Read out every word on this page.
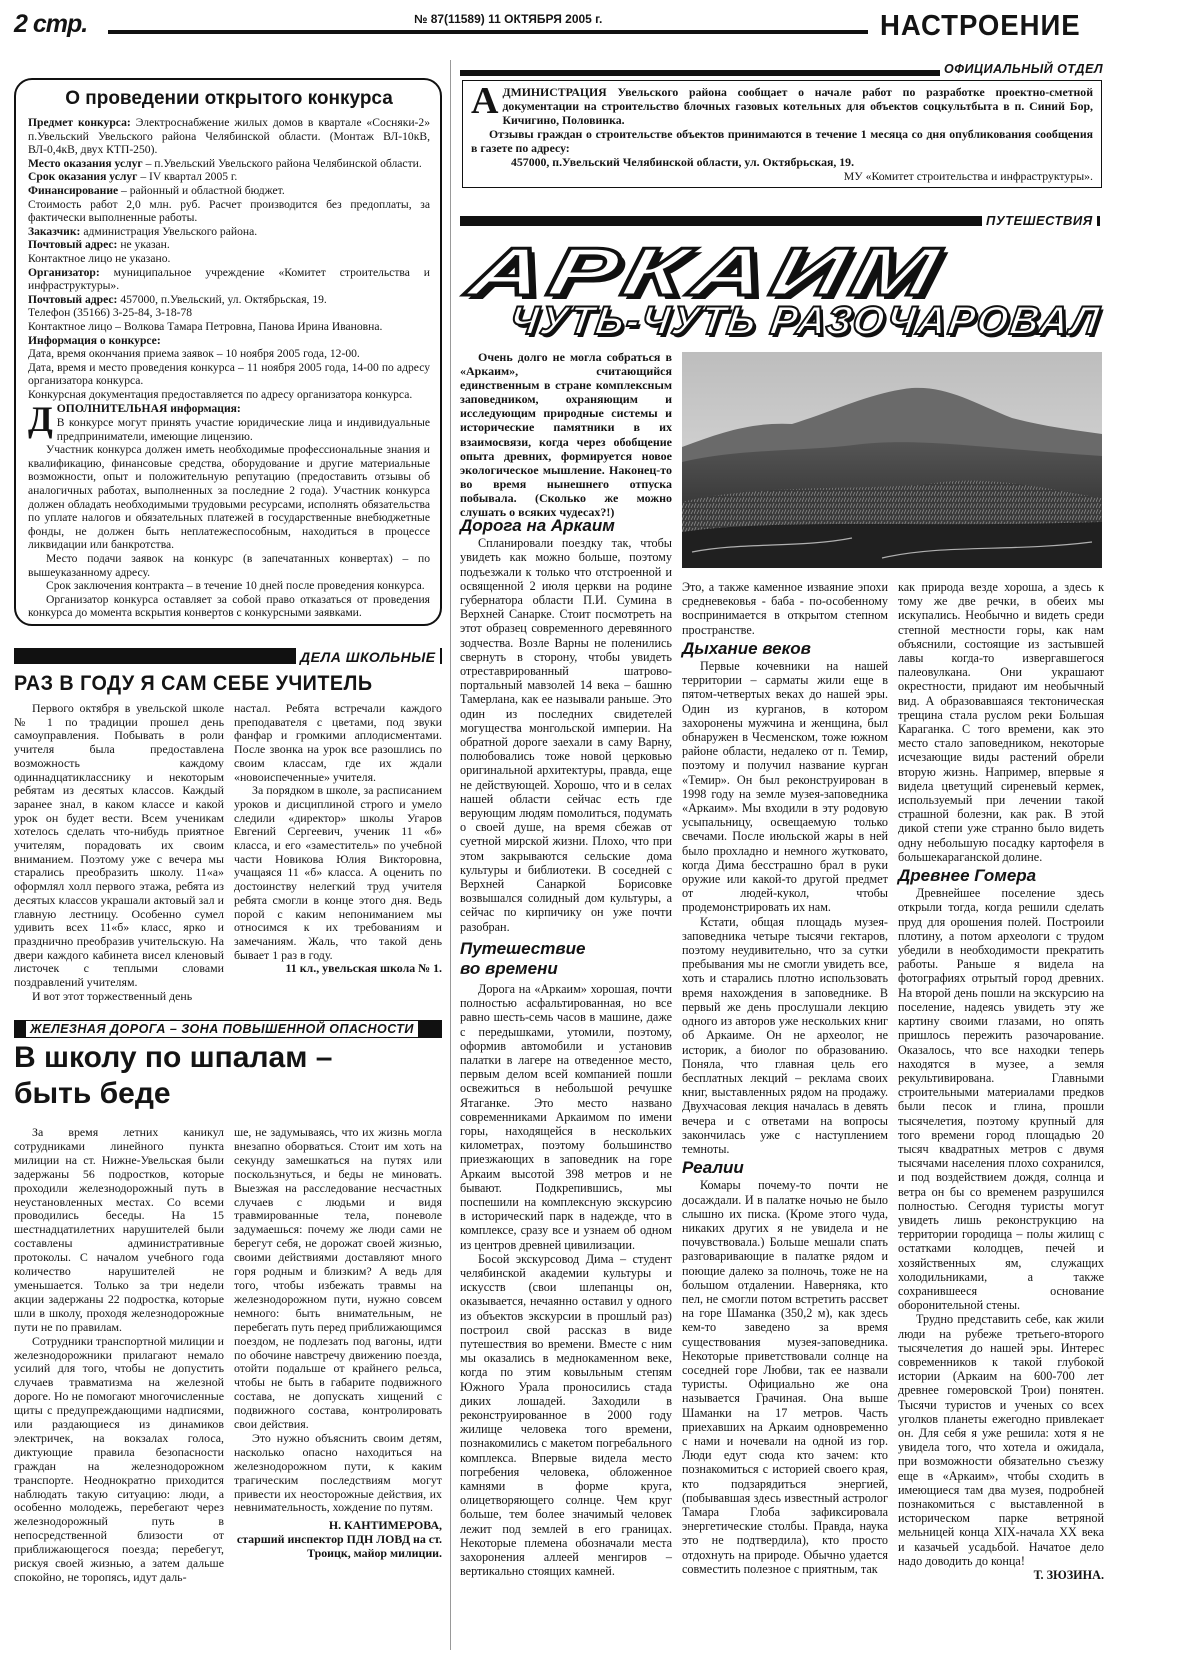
2 стр.	№ 87(11589) 11 ОКТЯБРЯ 2005 г.	НАСТРОЕНИЕ
О проведении открытого конкурса
Предмет конкурса: Электроснабжение жилых домов в квартале «Сосняки-2» п.Увельский Увельского района Челябинской области. (Монтаж ВЛ-10кВ, ВЛ-0,4кВ, двух КТП-250).
Место оказания услуг – п.Увельский Увельского района Челябинской области.
Срок оказания услуг – IV квартал 2005 г.
Финансирование – районный и областной бюджет.
Стоимость работ 2,0 млн. руб. Расчет производится без предоплаты, за фактически выполненные работы.
Заказчик: администрация Увельского района.
Почтовый адрес: не указан.
Контактное лицо не указано.
Организатор: муниципальное учреждение «Комитет строительства и инфраструктуры».
Почтовый адрес: 457000, п.Увельский, ул. Октябрьская, 19.
Телефон (35166) 3-25-84, 3-18-78
Контактное лицо – Волкова Тамара Петровна, Панова Ирина Ивановна.
Информация о конкурсе:
Дата, время окончания приема заявок – 10 ноября 2005 года, 12-00.
Дата, время и место проведения конкурса – 11 ноября 2005 года, 14-00 по адресу организатора конкурса.
Конкурсная документация предоставляется по адресу организатора конкурса.
Д ОПОЛНИТЕЛЬНАЯ информация:
В конкурсе могут принять участие юридические лица и индивидуальные предприниматели, имеющие лицензию.

Участник конкурса должен иметь необходимые профессиональные знания и квалификацию, финансовые средства, оборудование и другие материальные возможности, опыт и положительную репутацию (предоставить отзывы об аналогичных работах, выполненных за последние 2 года). Участник конкурса должен обладать необходимыми трудовыми ресурсами, исполнять обязательства по уплате налогов и обязательных платежей в государственные внебюджетные фонды, не должен быть неплатежеспособным, находиться в процессе ликвидации или банкротства.

Место подачи заявок на конкурс (в запечатанных конвертах) – по вышеуказанному адресу.

Срок заключения контракта – в течение 10 дней после проведения конкурса.

Организатор конкурса оставляет за собой право отказаться от проведения конкурса до момента вскрытия конвертов с конкурсными заявками.

ОФИЦИАЛЬНЫЙ ОТДЕЛ
А ДМИНИСТРАЦИЯ Увельского района сообщает о начале работ по разработке проектно-сметной документации на строительство блочных газовых котельных для объектов соцкультбыта в п. Синий Бор, Кичигино, Половинка.

Отзывы граждан о строительстве объектов принимаются в течение 1 месяца со дня опубликования сообщения в газете по адресу:

457000, п.Увельский Челябинской области, ул. Октябрьская, 19.

МУ «Комитет строительства и инфраструктуры».
ПУТЕШЕСТВИЯ
АРКАИМ
ЧУТЬ-ЧУТЬ РАЗОЧАРОВАЛ
Очень долго не могла собраться в «Аркаим», считающийся единственным в стране комплексным заповедником, охраняющим и исследующим природные системы и исторические памятники в их взаимосвязи, когда через обобщение опыта древних, формируется новое экологическое мышление. Наконец-то во время нынешнего отпуска побывала. (Сколько же можно слушать о всяких чудесах?!)
Дорога на Аркаим

Спланировали поездку так, чтобы увидеть как можно больше, поэтому подъезжали к только что отстроенной и освященной 2 июля церкви на родине губернатора области П.И. Сумина в Верхней Санарке. Стоит посмотреть на этот образец современного деревянного зодчества. Возле Варны не поленились свернуть в сторону, чтобы увидеть отреставрированный шатрово-портальный мавзолей 14 века – башню Тамерлана, как ее называли раньше. Это один из последних свидетелей могущества монгольской империи. На обратной дороге заехали в саму Варну, полюбовались тоже новой церковью оригинальной архитектуры, правда, еще не действующей. Хорошо, что и в селах нашей области сейчас есть где верующим людям помолиться, подумать о своей душе, на время сбежав от суетной мирской жизни. Плохо, что при этом закрываются сельские дома культуры и библиотеки. В соседней с Верхней Санаркой Борисовке возвышался солидный дом культуры, а сейчас по кирпичику он уже почти разобран.

Путешествие во времени

Дорога на «Аркаим» хорошая, почти полностью асфальтированная, но все равно шесть-семь часов в машине, даже с передышками, утомили, поэтому, оформив автомобили и установив палатки в лагере на отведенное место, первым делом всей компанией пошли освежиться в небольшой речушке Ятаганке. Это место названо современниками Аркаимом по имени горы, находящейся в нескольких километрах, поэтому большинство приезжающих в заповедник на горе Аркаим высотой 398 метров и не бывают. Подкрепившись, мы поспешили на комплексную экскурсию в исторический парк в надежде, что в комплексе, сразу все и узнаем об одном из центров древней цивилизации.

Босой экскурсовод Дима – студент челябинской академии культуры и искусств (свои шлепанцы он, оказывается, нечаянно оставил у одного из объектов экскурсии в прошлый раз) построил свой рассказ в виде путешествия во времени. Вместе с ним мы оказались в меднокаменном веке, когда по этим ковыльным степям Южного Урала проносились стада диких лошадей. Заходили в реконструированное в 2000 году жилище человека того времени, познакомились с макетом погребального комплекса. Впервые видела место погребения человека, обложенное камнями в форме круга, олицетворяющего солнце. Чем круг больше, тем более значимый человек лежит под землей в его границах. Некоторые племена обозначали места захоронения аллеей менгиров – вертикально стоящих камней.

Это, а также каменное изваяние эпохи средневековья - баба - по-особенному воспринимается в открытом степном пространстве.

Дыхание веков

Первые кочевники на нашей территории – сарматы жили еще в пятом-четвертых веках до нашей эры. Один из курганов, в котором захоронены мужчина и женщина, был обнаружен в Чесменском, тоже южном районе области, недалеко от п. Темир, поэтому и получил название курган «Темир». Он был реконструирован в 1998 году на земле музея-заповедника «Аркаим». Мы входили в эту родовую усыпальницу, освещаемую только свечами. После июльской жары в ней было прохладно и немного жутковато, когда Дима бесстрашно брал в руки оружие или какой-то другой предмет от людей-кукол, чтобы продемонстрировать их нам.

Кстати, общая площадь музея-заповедника четыре тысячи гектаров, поэтому неудивительно, что за сутки пребывания мы не смогли увидеть все, хоть и старались плотно использовать время нахождения в заповеднике. В первый же день прослушали лекцию одного из авторов уже нескольких книг об Аркаиме. Он не археолог, не историк, а биолог по образованию. Поняла, что главная цель его бесплатных лекций – реклама своих книг, выставленных рядом на продажу. Двухчасовая лекция началась в девять вечера и с ответами на вопросы закончилась уже с наступлением темноты.

Реалии

Комары почему-то почти не досаждали. И в палатке ночью не было слышно их писка. (Кроме этого чуда, никаких других я не увидела и не почувствовала.) Больше мешали спать разговаривающие в палатке рядом и поющие далеко за полночь, тоже не на большом отдалении. Наверняка, кто пел, не смогли потом встретить рассвет на горе Шаманка (350,2 м), как здесь кем-то заведено за время существования музея-заповедника. Некоторые приветствовали солнце на соседней горе Любви, так ее назвали туристы. Официально же она называется Грачиная. Она выше Шаманки на 17 метров. Часть приехавших на Аркаим одновременно с нами и ночевали на одной из гор. Люди едут сюда кто зачем: кто познакомиться с историей своего края, кто подзарядиться энергией, (побывавшая здесь известный астролог Тамара Глоба зафиксировала энергетические столбы. Правда, наука это не подтвердила), кто просто отдохнуть на природе. Обычно удается совместить полезное с приятным, так

как природа везде хороша, а здесь к тому же две речки, в обеих мы искупались. Необычно и видеть среди степной местности горы, как нам объяснили, состоящие из застывшей лавы когда-то извергавшегося палеовулкана. Они украшают окрестности, придают им необычный вид. А образовавшаяся тектоническая трещина стала руслом реки Большая Караганка. С того времени, как это место стало заповедником, некоторые исчезающие виды растений обрели вторую жизнь. Например, впервые я видела цветущий сиреневый кермек, используемый при лечении такой страшной болезни, как рак. В этой дикой степи уже странно было видеть одну небольшую посадку картофеля в большекараганской долине.

Древнее Гомера

Древнейшее поселение здесь открыли тогда, когда решили сделать пруд для орошения полей. Построили плотину, а потом археологи с трудом убедили в необходимости прекратить работы. Раньше я видела на фотографиях отрытый город древних. На второй день пошли на экскурсию на поселение, надеясь увидеть эту же картину своими глазами, но опять пришлось пережить разочарование. Оказалось, что все находки теперь находятся в музее, а земля рекультивирована. Главными строительными материалами предков были песок и глина, прошли тысячелетия, поэтому крупный для того времени город площадью 20 тысяч квадратных метров с двумя тысячами населения плохо сохранился, и под воздействием дождя, солнца и ветра он бы со временем разрушился полностью. Сегодня туристы могут увидеть лишь реконструкцию на территории городища – полы жилищ с остатками колодцев, печей и хозяйственных ям, служащих холодильниками, а также сохранившееся основание оборонительной стены.

Трудно представить себе, как жили люди на рубеже третьего-второго тысячелетия до нашей эры. Интерес современников к такой глубокой истории (Аркаим на 600-700 лет древнее гомеровской Трои) понятен. Тысячи туристов и ученых со всех уголков планеты ежегодно привлекает он. Для себя я уже решила: хотя я не увидела того, что хотела и ожидала, при возможности обязательно съезжу еще в «Аркаим», чтобы сходить в имеющиеся там два музея, подробней познакомиться с выставленной в историческом парке ветряной мельницей конца XIX-начала XX века и казачьей усадьбой. Начатое дело надо доводить до конца!

Т. ЗЮЗИНА.
ДЕЛА ШКОЛЬНЫЕ
РАЗ В ГОДУ Я САМ СЕБЕ УЧИТЕЛЬ

Первого октября в увельской школе № 1 по традиции прошел день самоуправления. Побывать в роли учителя была предоставлена возможность каждому одиннадцатикласснику и некоторым ребятам из десятых классов. Каждый заранее знал, в каком классе и какой урок он будет вести. Всем ученикам хотелось сделать что-нибудь приятное учителям, порадовать их своим вниманием. Поэтому уже с вечера мы старались преобразить школу. 11«а» оформлял холл первого этажа, ребята из десятых классов украшали актовый зал и главную лестницу. Особенно сумел удивить всех 11«б» класс, ярко и празднично преобразив учительскую. На двери каждого кабинета висел кленовый листочек с теплыми словами поздравлений учителям.

И вот этот торжественный день

настал. Ребята встречали каждого преподавателя с цветами, под звуки фанфар и громкими аплодисментами. После звонка на урок все разошлись по своим классам, где их ждали «новоиспеченные» учителя.

За порядком в школе, за расписанием уроков и дисциплиной строго и умело следили «директор» школы Угаров Евгений Сергеевич, ученик 11 «б» класса, и его «заместитель» по учебной части Новикова Юлия Викторовна, учащаяся 11 «б» класса. А оценить по достоинству нелегкий труд учителя ребята смогли в конце этого дня. Ведь порой с каким непониманием мы относимся к их требованиям и замечаниям. Жаль, что такой день бывает 1 раз в году.

11 кл., увельская школа № 1.
ЖЕЛЕЗНАЯ ДОРОГА – ЗОНА ПОВЫШЕННОЙ ОПАСНОСТИ
В школу по шпалам –
быть беде

За время летних каникул сотрудниками линейного пункта милиции на ст. Нижне-Увельская были задержаны 56 подростков, которые проходили железнодорожный путь в неустановленных местах. Со всеми проводились беседы. На 15 шестнадцатилетних нарушителей были составлены административные протоколы. С началом учебного года количество нарушителей не уменьшается. Только за три недели акции задержаны 22 подростка, которые шли в школу, проходя железнодорожные пути не по правилам.

Сотрудники транспортной милиции и железнодорожники прилагают немало усилий для того, чтобы не допустить случаев травматизма на железной дороге. Но не помогают многочисленные щиты с предупреждающими надписями, или раздающиеся из динамиков электричек, на вокзалах голоса, диктующие правила безопасности граждан на железнодорожном транспорте. Неоднократно приходится наблюдать такую ситуацию: люди, а особенно молодежь, перебегают через железнодорожный путь в непосредственной близости от приближающегося поезда; перебегут, рискуя своей жизнью, а затем дальше спокойно, не торопясь, идут даль-

ше, не задумываясь, что их жизнь могла внезапно оборваться. Стоит им хоть на секунду замешкаться на путях или поскользнуться, и беды не миновать. Выезжая на расследование несчастных случаев с людьми и видя травмированные тела, поневоле задумаешься: почему же люди сами не берегут себя, не дорожат своей жизнью, своими действиями доставляют много горя родным и близким? А ведь для того, чтобы избежать травмы на железнодорожном пути, нужно совсем немного: быть внимательным, не перебегать путь перед приближающимся поездом, не подлезать под вагоны, идти по обочине навстречу движению поезда, отойти подальше от крайнего рельса, чтобы не быть в габарите подвижного состава, не допускать хищений с подвижного состава, контролировать свои действия.

Это нужно объяснить своим детям, насколько опасно находиться на железнодорожном пути, к каким трагическим последствиям могут привести их неосторожные действия, их невнимательность, хождение по путям.

Н. КАНТИМЕРОВА,
старший инспектор ПДН ЛОВД на ст. Троицк, майор милиции.
